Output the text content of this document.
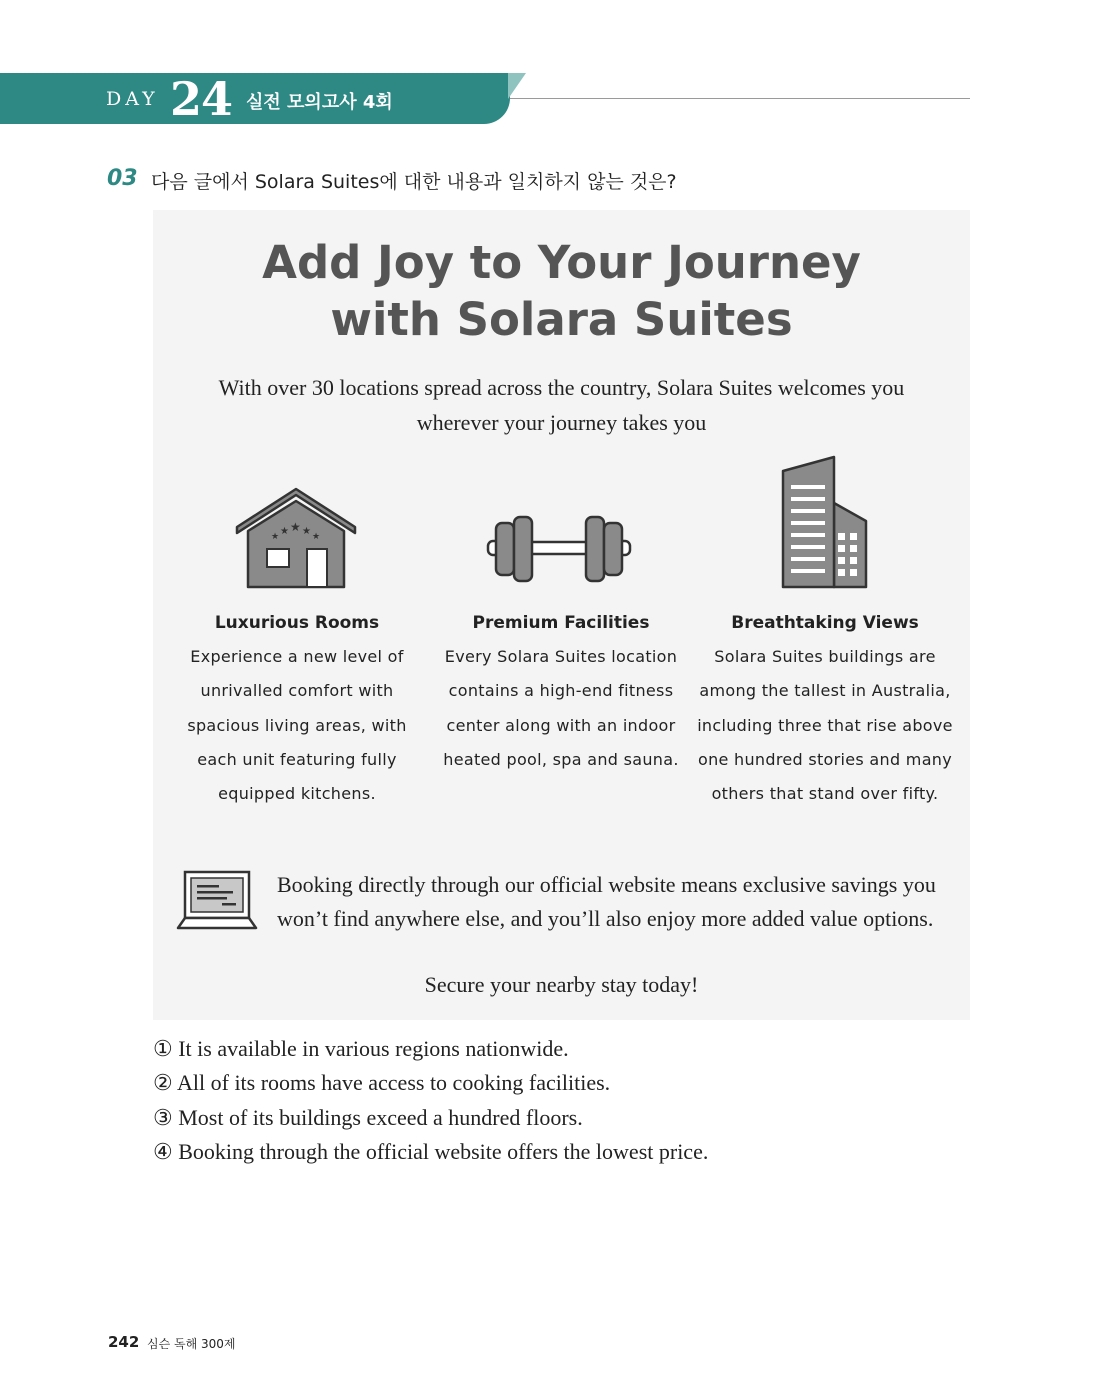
DAY 24 실전 모의고사 4회
03 다음 글에서 Solara Suites에 대한 내용과 일치하지 않는 것은?
Add Joy to Your Journey
with Solara Suites
With over 30 locations spread across the country, Solara Suites welcomes you wherever your journey takes you
★ ★ ★ ★ ★
Luxurious Rooms
Experience a new level of unrivalled comfort with spacious living areas, with each unit featuring fully equipped kitchens.
Premium Facilities
Every Solara Suites location contains a high-end fitness center along with an indoor heated pool, spa and sauna.
Breathtaking Views
Solara Suites buildings are among the tallest in Australia, including three that rise above one hundred stories and many others that stand over fifty.
Booking directly through our official website means exclusive savings you won’t find anywhere else, and you’ll also enjoy more added value options.
Secure your nearby stay today!
① It is available in various regions nationwide.
② All of its rooms have access to cooking facilities.
③ Most of its buildings exceed a hundred floors.
④ Booking through the official website offers the lowest price.
242 심슨 독해 300제
